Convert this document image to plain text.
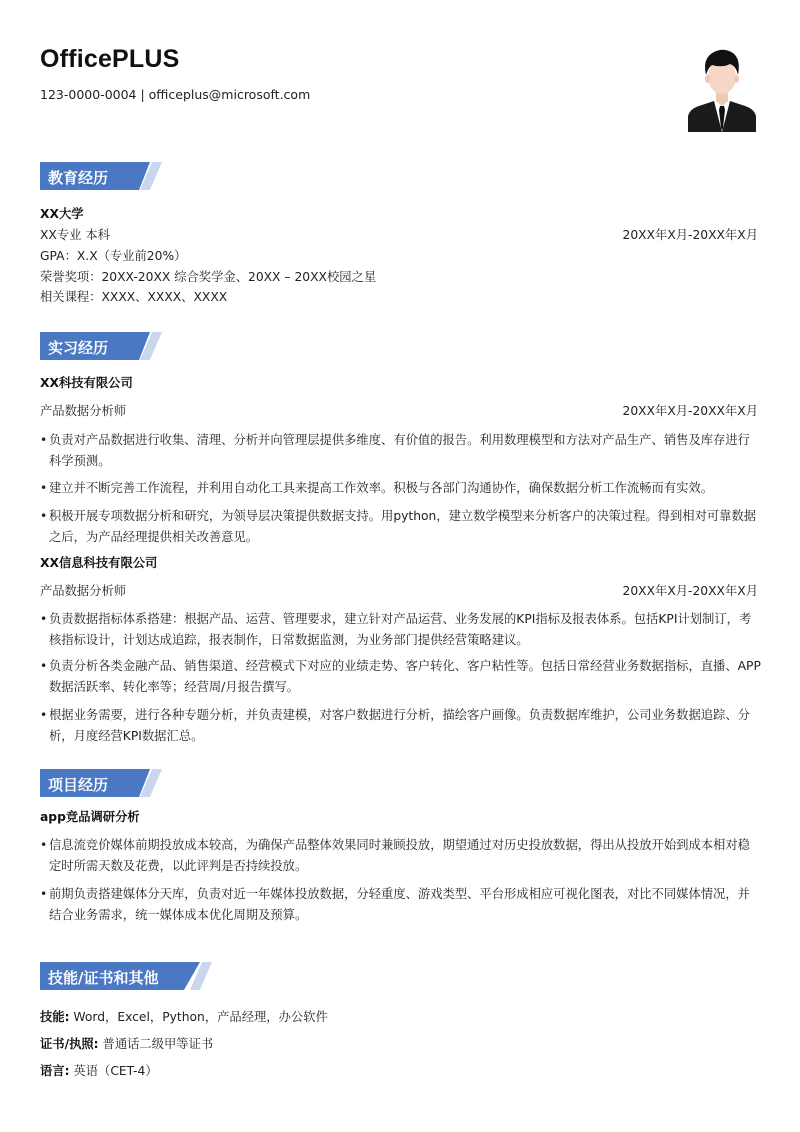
OfficePLUS
123-0000-0004 | officeplus@microsoft.com
教育经历
XX大学
XX专业 本科	20XX年X月-20XX年X月
GPA：X.X（专业前20%）
荣誉奖项：20XX-20XX 综合奖学金、20XX – 20XX校园之星
相关课程：XXXX、XXXX、XXXX
实习经历
XX科技有限公司
产品数据分析师	20XX年X月-20XX年X月
• 负责对产品数据进行收集、清理、分析并向管理层提供多维度、有价值的报告。利用数理模型和方法对产品生产、销售及库存进行科学预测。
• 建立并不断完善工作流程，并利用自动化工具来提高工作效率。积极与各部门沟通协作，确保数据分析工作流畅而有实效。
• 积极开展专项数据分析和研究，为领导层决策提供数据支持。用python，建立数学模型来分析客户的决策过程。得到相对可靠数据之后，为产品经理提供相关改善意见。
XX信息科技有限公司
产品数据分析师	20XX年X月-20XX年X月
• 负责数据指标体系搭建：根据产品、运营、管理要求，建立针对产品运营、业务发展的KPI指标及报表体系。包括KPI计划制订，考核指标设计，计划达成追踪，报表制作，日常数据监测，为业务部门提供经营策略建议。
• 负责分析各类金融产品、销售渠道、经营模式下对应的业绩走势、客户转化、客户粘性等。包括日常经营业务数据指标，直播、APP数据活跃率、转化率等；经营周/月报告撰写。
• 根据业务需要，进行各种专题分析，并负责建模，对客户数据进行分析，描绘客户画像。负责数据库维护，公司业务数据追踪、分析，月度经营KPI数据汇总。
项目经历
app竞品调研分析
• 信息流竞价媒体前期投放成本较高，为确保产品整体效果同时兼顾投放，期望通过对历史投放数据，得出从投放开始到成本相对稳定时所需天数及花费，以此评判是否持续投放。
• 前期负责搭建媒体分天库，负责对近一年媒体投放数据，分轻重度、游戏类型、平台形成相应可视化图表，对比不同媒体情况，并结合业务需求，统一媒体成本优化周期及预算。
技能/证书和其他
技能: Word，Excel，Python，产品经理，办公软件
证书/执照: 普通话二级甲等证书
语言: 英语（CET-4）
